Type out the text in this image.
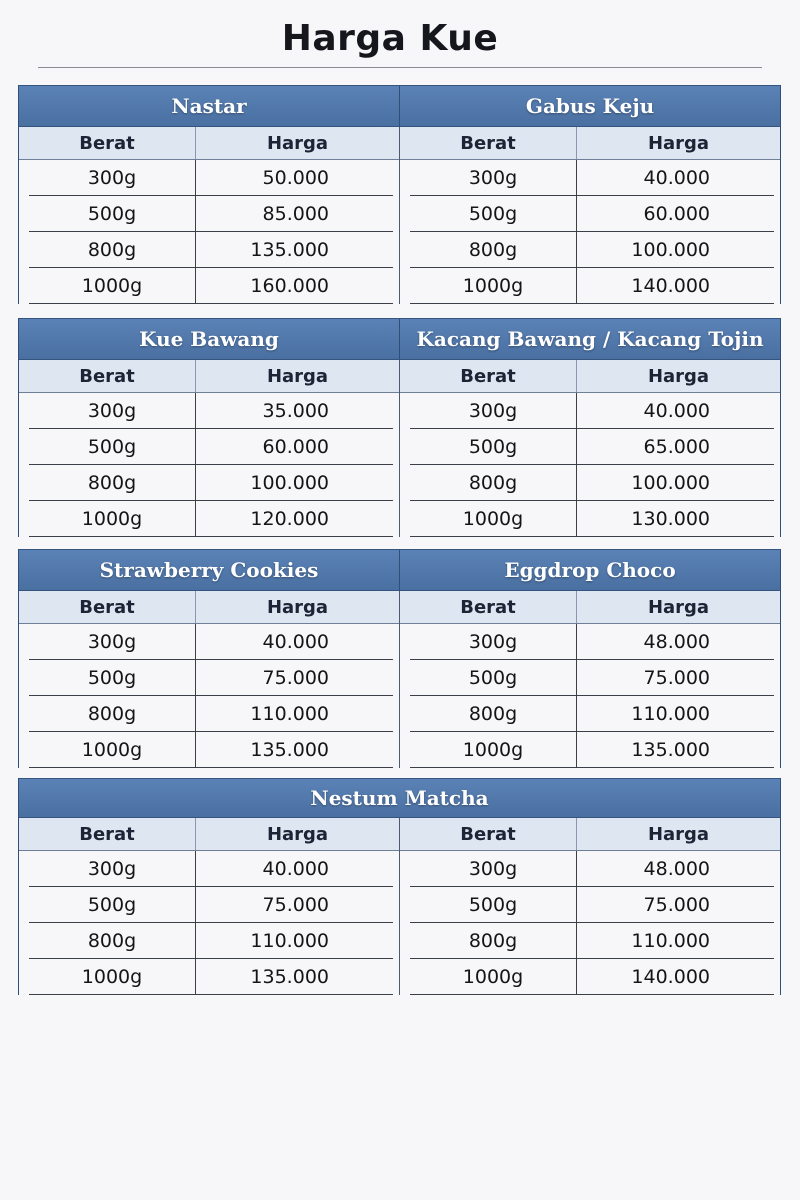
Harga Kue
Nastar	Gabus Keju
Berat	Harga
300g	50.000
500g	85.000
800g	135.000
1000g	160.000
Berat	Harga
300g	40.000
500g	60.000
800g	100.000
1000g	140.000
Kue Bawang	Kacang Bawang / Kacang Tojin
Berat	Harga
300g	35.000
500g	60.000
800g	100.000
1000g	120.000
Berat	Harga
300g	40.000
500g	65.000
800g	100.000
1000g	130.000
Strawberry Cookies	Eggdrop Choco
Berat	Harga
300g	40.000
500g	75.000
800g	110.000
1000g	135.000
Berat	Harga
300g	48.000
500g	75.000
800g	110.000
1000g	135.000
Nestum Matcha
Berat	Harga
300g	40.000
500g	75.000
800g	110.000
1000g	135.000
Berat	Harga
300g	48.000
500g	75.000
800g	110.000
1000g	140.000
